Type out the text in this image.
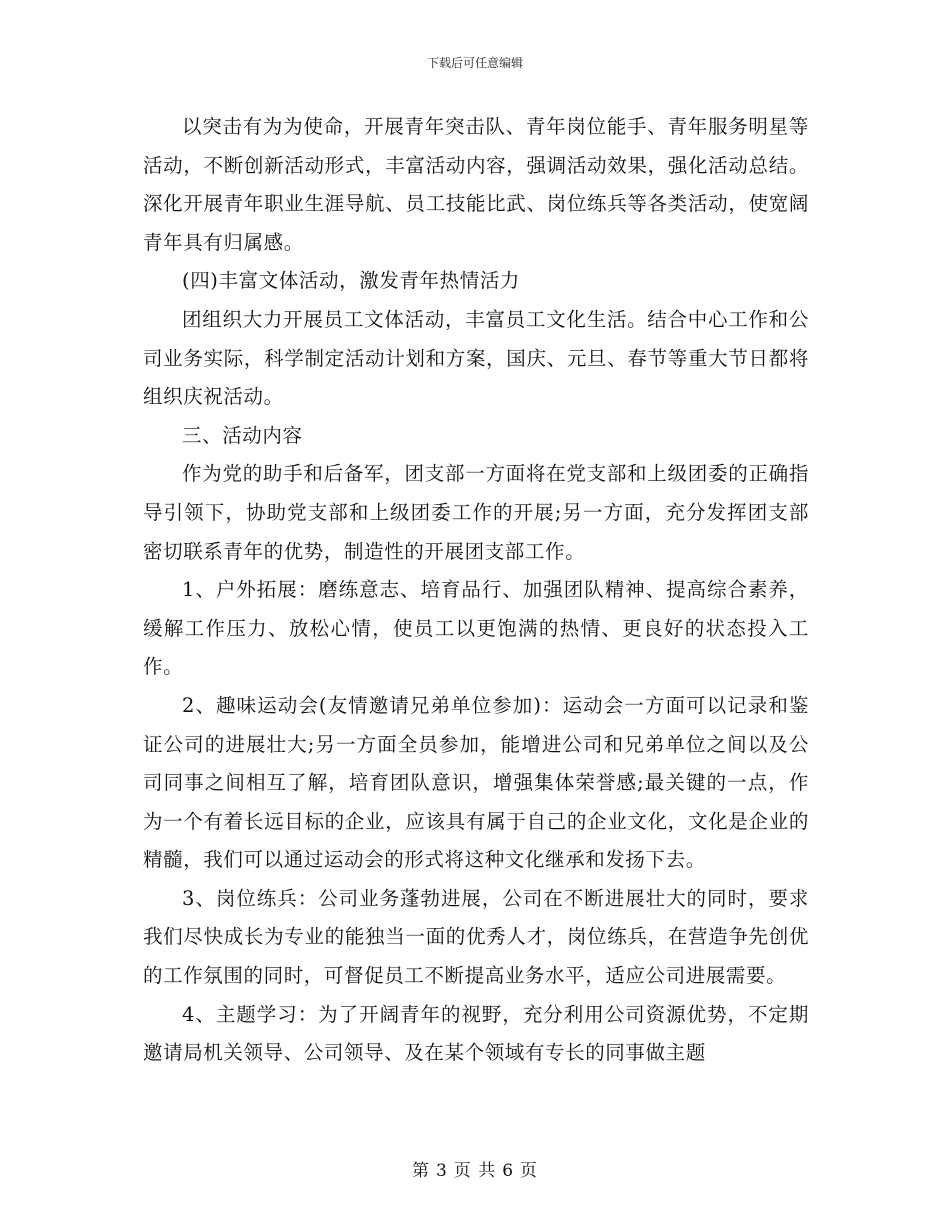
下载后可任意编辑

以突击有为为使命，开展青年突击队、青年岗位能手、青年服务明星等活动，不断创新活动形式，丰富活动内容，强调活动效果，强化活动总结。深化开展青年职业生涯导航、员工技能比武、岗位练兵等各类活动，使宽阔青年具有归属感。

(四)丰富文体活动，激发青年热情活力

团组织大力开展员工文体活动，丰富员工文化生活。结合中心工作和公司业务实际，科学制定活动计划和方案，国庆、元旦、春节等重大节日都将组织庆祝活动。

三、活动内容

作为党的助手和后备军，团支部一方面将在党支部和上级团委的正确指导引领下，协助党支部和上级团委工作的开展;另一方面，充分发挥团支部密切联系青年的优势，制造性的开展团支部工作。

1、户外拓展：磨练意志、培育品行、加强团队精神、提高综合素养，缓解工作压力、放松心情，使员工以更饱满的热情、更良好的状态投入工作。

2、趣味运动会(友情邀请兄弟单位参加)：运动会一方面可以记录和鉴证公司的进展壮大;另一方面全员参加，能增进公司和兄弟单位之间以及公司同事之间相互了解，培育团队意识，增强集体荣誉感;最关键的一点，作为一个有着长远目标的企业，应该具有属于自己的企业文化，文化是企业的精髓，我们可以通过运动会的形式将这种文化继承和发扬下去。

3、岗位练兵：公司业务蓬勃进展，公司在不断进展壮大的同时，要求我们尽快成长为专业的能独当一面的优秀人才，岗位练兵，在营造争先创优的工作氛围的同时，可督促员工不断提高业务水平，适应公司进展需要。

4、主题学习：为了开阔青年的视野，充分利用公司资源优势，不定期邀请局机关领导、公司领导、及在某个领域有专长的同事做主题

第 3 页 共 6 页
